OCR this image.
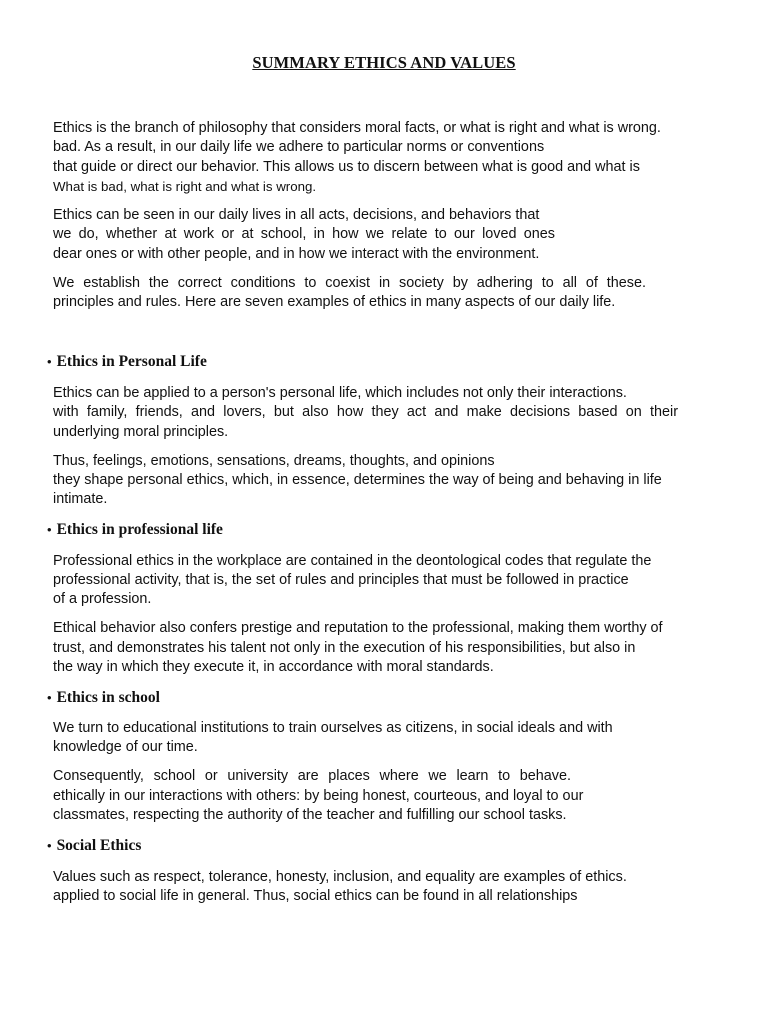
SUMMARY ETHICS AND VALUES
Ethics is the branch of philosophy that considers moral facts, or what is right and what is wrong.
bad. As a result, in our daily life we adhere to particular norms or conventions
that guide or direct our behavior. This allows us to discern between what is good and what is
What is bad, what is right and what is wrong.
Ethics can be seen in our daily lives in all acts, decisions, and behaviors that
we do, whether at work or at school, in how we relate to our loved ones
dear ones or with other people, and in how we interact with the environment.
We establish the correct conditions to coexist in society by adhering to all of these.
principles and rules. Here are seven examples of ethics in many aspects of our daily life.
• Ethics in Personal Life
Ethics can be applied to a person's personal life, which includes not only their interactions.
with family, friends, and lovers, but also how they act and make decisions based on their
underlying moral principles.
Thus, feelings, emotions, sensations, dreams, thoughts, and opinions
they shape personal ethics, which, in essence, determines the way of being and behaving in life
intimate.
• Ethics in professional life
Professional ethics in the workplace are contained in the deontological codes that regulate the
professional activity, that is, the set of rules and principles that must be followed in practice
of a profession.
Ethical behavior also confers prestige and reputation to the professional, making them worthy of
trust, and demonstrates his talent not only in the execution of his responsibilities, but also in
the way in which they execute it, in accordance with moral standards.
• Ethics in school
We turn to educational institutions to train ourselves as citizens, in social ideals and with
knowledge of our time.
Consequently, school or university are places where we learn to behave.
ethically in our interactions with others: by being honest, courteous, and loyal to our
classmates, respecting the authority of the teacher and fulfilling our school tasks.
• Social Ethics
Values such as respect, tolerance, honesty, inclusion, and equality are examples of ethics.
applied to social life in general. Thus, social ethics can be found in all relationships
